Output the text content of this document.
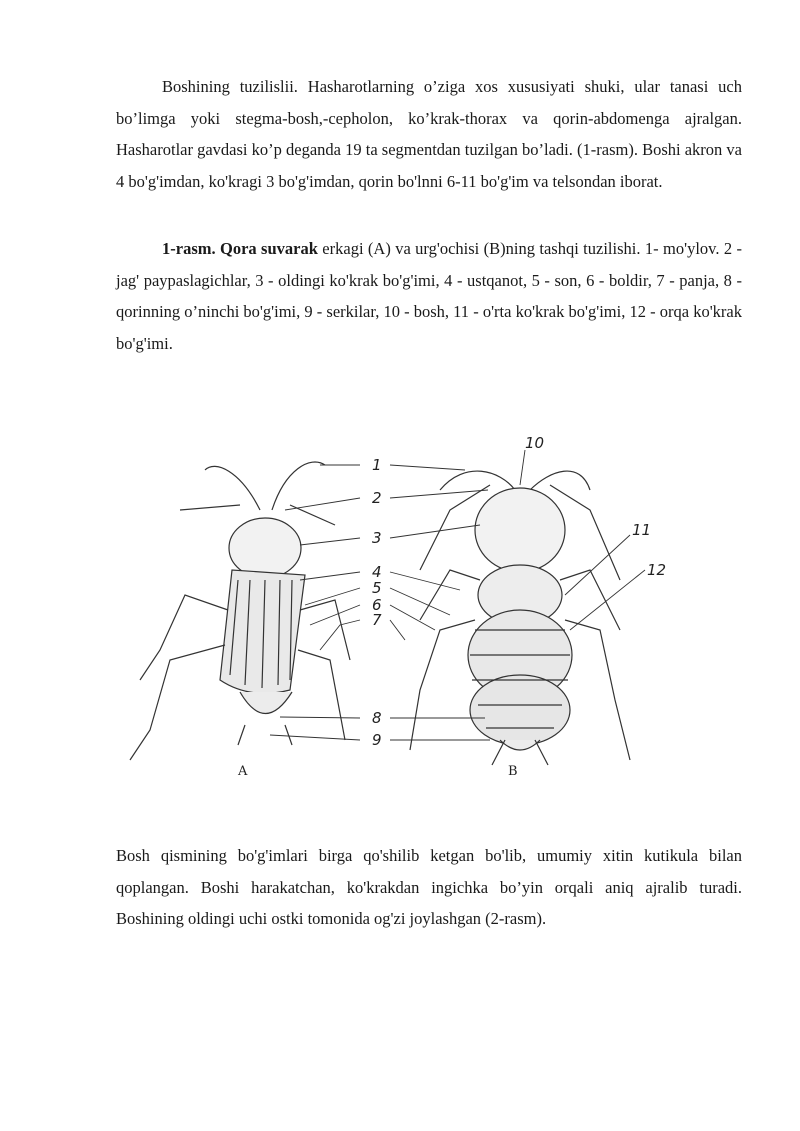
Boshining tuzilislii. Hasharotlarning o’ziga xos xususiyati shuki, ular tanasi uch bo’limga yoki stegma-bosh,-cepholon, ko’krak-thorax va qorin-abdomenga ajralgan. Hasharotlar gavdasi ko’p deganda 19 ta segmentdan tuzilgan bo’ladi. (1-rasm). Boshi akron va 4 bo'g'imdan, ko'kragi 3 bo'g'imdan, qorin bo'lnni 6-11 bo'g'im va telsondan iborat.

1-rasm. Qora suvarak erkagi (A) va urg'ochisi (B)ning tashqi tuzilishi. 1- mo'ylov. 2 - jag' paypaslagichlar, 3 - oldingi ko'krak bo'g'imi, 4 - ustqanot, 5 - son, 6 - boldir, 7 - panja, 8 - qorinning o’ninchi bo'g'imi, 9 - serkilar, 10 - bosh, 11 - o'rta ko'krak bo'g'imi, 12 - orqa ko'krak bo'g'imi.

1
2
3
4
5
6
7
8
9
10
11
12
A	B

Bosh qismining bo'g'imlari birga qo'shilib ketgan bo'lib, umumiy xitin kutikula bilan qoplangan. Boshi harakatchan, ko'krakdan ingichka bo’yin orqali aniq ajralib turadi. Boshining oldingi uchi ostki tomonida og'zi joylashgan (2-rasm).
